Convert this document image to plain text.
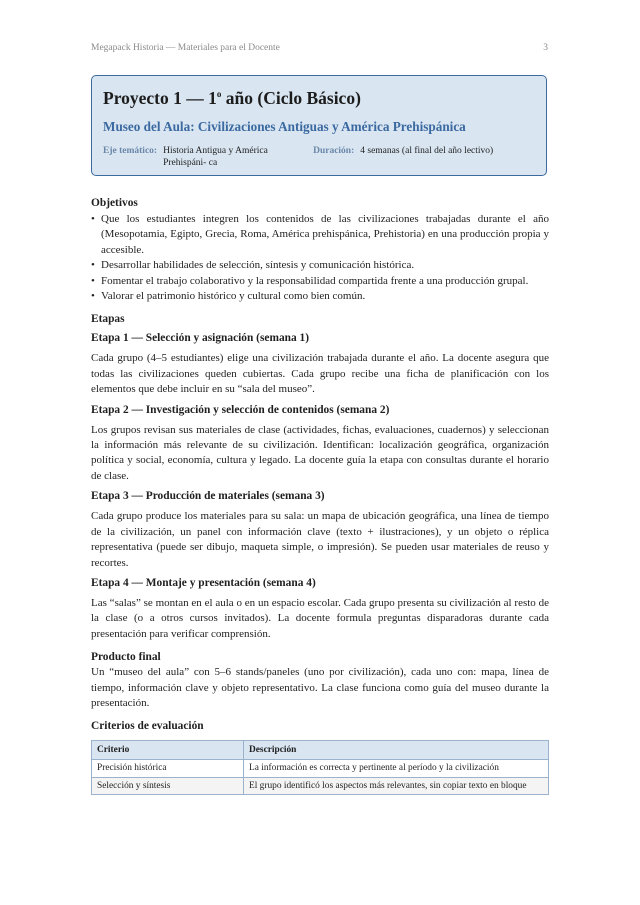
Megapack Historia — Materiales para el Docente	3
Proyecto 1 — 1$^o$ año (Ciclo Básico)
Museo del Aula: Civilizaciones Antiguas y América Prehispánica
Eje temático: Historia Antigua y América Prehispáni- ca
Duración: 4 semanas (al final del año lectivo)
Objetivos
• Que los estudiantes integren los contenidos de las civilizaciones trabajadas durante el año (Mesopotamia, Egipto, Grecia, Roma, América prehispánica, Prehistoria) en una producción propia y accesible.
• Desarrollar habilidades de selección, síntesis y comunicación histórica.
• Fomentar el trabajo colaborativo y la responsabilidad compartida frente a una producción grupal.
• Valorar el patrimonio histórico y cultural como bien común.
Etapas
Etapa 1 — Selección y asignación (semana 1)

Cada grupo (4–5 estudiantes) elige una civilización trabajada durante el año. La docente asegura que todas las civilizaciones queden cubiertas. Cada grupo recibe una ficha de planificación con los elementos que debe incluir en su “sala del museo”.

Etapa 2 — Investigación y selección de contenidos (semana 2)

Los grupos revisan sus materiales de clase (actividades, fichas, evaluaciones, cuadernos) y seleccionan la información más relevante de su civilización. Identifican: localización geográfica, organización política y social, economía, cultura y legado. La docente guía la etapa con consultas durante el horario de clase.

Etapa 3 — Producción de materiales (semana 3)

Cada grupo produce los materiales para su sala: un mapa de ubicación geográfica, una línea de tiempo de la civilización, un panel con información clave (texto + ilustraciones), y un objeto o réplica representativa (puede ser dibujo, maqueta simple, o impresión). Se pueden usar materiales de reuso y recortes.

Etapa 4 — Montaje y presentación (semana 4)

Las “salas” se montan en el aula o en un espacio escolar. Cada grupo presenta su civilización al resto de la clase (o a otros cursos invitados). La docente formula preguntas disparadoras durante cada presentación para verificar comprensión.

Producto final

Un “museo del aula” con 5–6 stands/paneles (uno por civilización), cada uno con: mapa, línea de tiempo, información clave y objeto representativo. La clase funciona como guía del museo durante la presentación.

Criterios de evaluación
Criterio	Descripción
Precisión histórica	La información es correcta y pertinente al período y la civilización
Selección y síntesis	El grupo identificó los aspectos más relevantes, sin copiar texto en bloque
